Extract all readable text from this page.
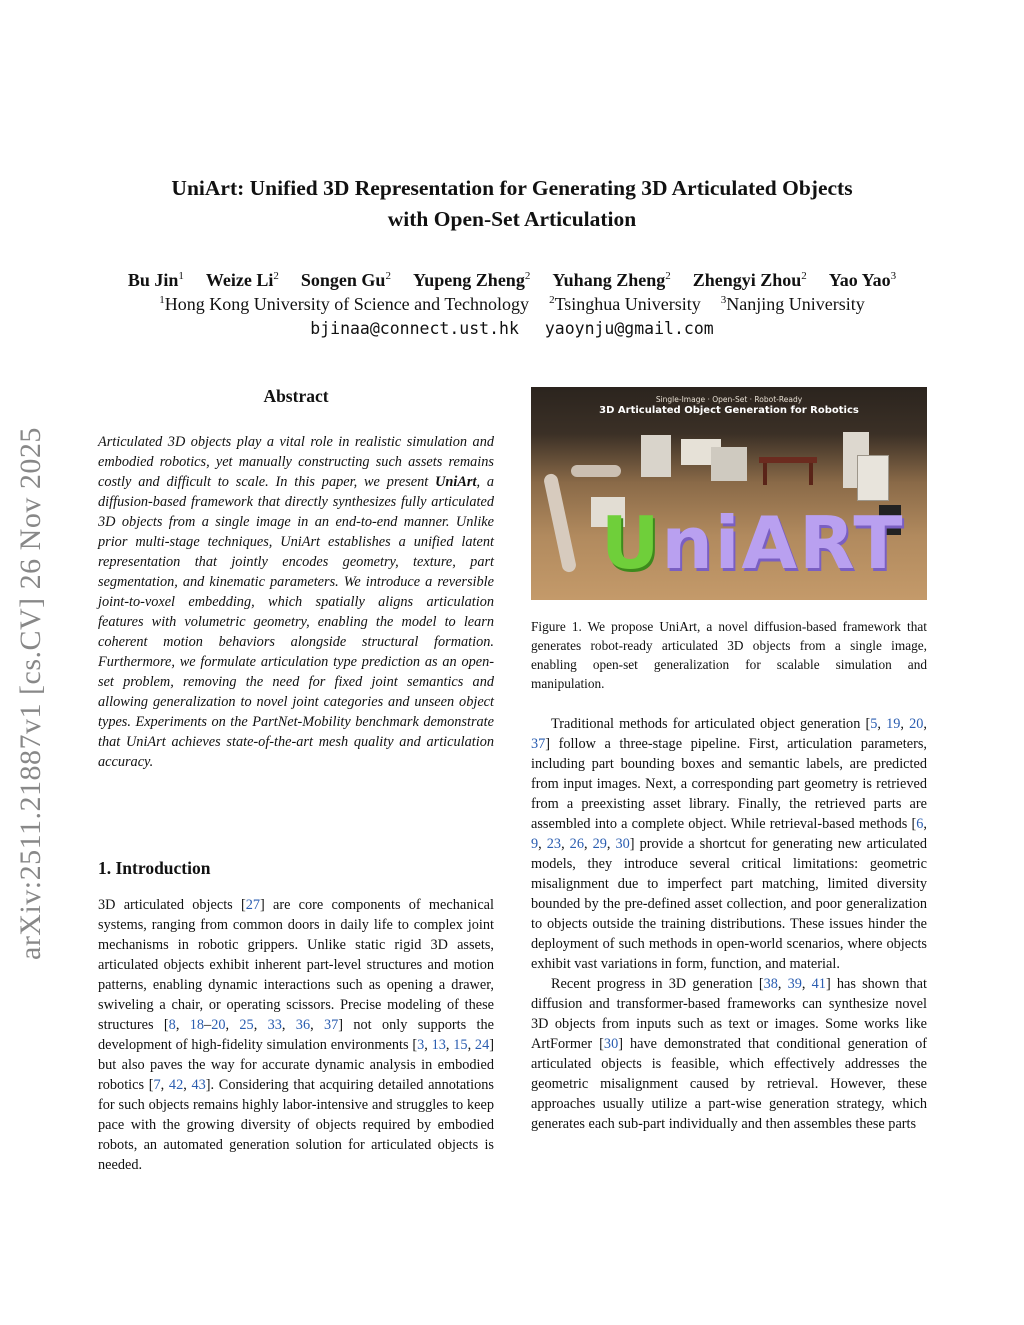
UniArt: Unified 3D Representation for Generating 3D Articulated Objects
with Open-Set Articulation
Bu Jin$^1$ Weize Li$^2$ Songen Gu$^2$ Yupeng Zheng$^2$ Yuhang Zheng$^2$ Zhengyi Zhou$^2$ Yao Yao$^3$
$^1$Hong Kong University of Science and Technology $^2$Tsinghua University $^3$Nanjing University
bjinaa@connect.ust.hk yaoynju@gmail.com
arXiv:2511.21887v1 [cs.CV] 26 Nov 2025
Abstract
Articulated 3D objects play a vital role in realistic simulation and embodied robotics, yet manually constructing such assets remains costly and difficult to scale. In this paper, we present UniArt, a diffusion-based framework that directly synthesizes fully articulated 3D objects from a single image in an end-to-end manner. Unlike prior multi-stage techniques, UniArt establishes a unified latent representation that jointly encodes geometry, texture, part segmentation, and kinematic parameters. We introduce a reversible joint-to-voxel embedding, which spatially aligns articulation features with volumetric geometry, enabling the model to learn coherent motion behaviors alongside structural formation. Furthermore, we formulate articulation type prediction as an open-set problem, removing the need for fixed joint semantics and allowing generalization to novel joint categories and unseen object types. Experiments on the PartNet-Mobility benchmark demonstrate that UniArt achieves state-of-the-art mesh quality and articulation accuracy.
1. Introduction

3D articulated objects [27] are core components of mechanical systems, ranging from common doors in daily life to complex joint mechanisms in robotic grippers. Unlike static rigid 3D assets, articulated objects exhibit inherent part-level structures and motion patterns, enabling dynamic interactions such as opening a drawer, swiveling a chair, or operating scissors. Precise modeling of these structures [8, 18–20, 25, 33, 36, 37] not only supports the development of high-fidelity simulation environments [3, 13, 15, 24] but also paves the way for accurate dynamic analysis in embodied robotics [7, 42, 43]. Considering that acquiring detailed annotations for such objects remains highly labor-intensive and struggles to keep pace with the growing diversity of objects required by embodied robots, an automated generation solution for articulated objects is needed.

Single-Image · Open-Set · Robot-Ready
3D Articulated Object Generation for Robotics
UniART
Figure 1. We propose UniArt, a novel diffusion-based framework that generates robot-ready articulated 3D objects from a single image, enabling open-set generalization for scalable simulation and manipulation.

Traditional methods for articulated object generation [5, 19, 20, 37] follow a three-stage pipeline. First, articulation parameters, including part bounding boxes and semantic labels, are predicted from input images. Next, a corresponding part geometry is retrieved from a preexisting asset library. Finally, the retrieved parts are assembled into a complete object. While retrieval-based methods [6, 9, 23, 26, 29, 30] provide a shortcut for generating new articulated models, they introduce several critical limitations: geometric misalignment due to imperfect part matching, limited diversity bounded by the pre-defined asset collection, and poor generalization to objects outside the training distributions. These issues hinder the deployment of such methods in open-world scenarios, where objects exhibit vast variations in form, function, and material.

Recent progress in 3D generation [38, 39, 41] has shown that diffusion and transformer-based frameworks can synthesize novel 3D objects from inputs such as text or images. Some works like ArtFormer [30] have demonstrated that conditional generation of articulated objects is feasible, which effectively addresses the geometric misalignment caused by retrieval. However, these approaches usually utilize a part-wise generation strategy, which generates each sub-part individually and then assembles these parts
